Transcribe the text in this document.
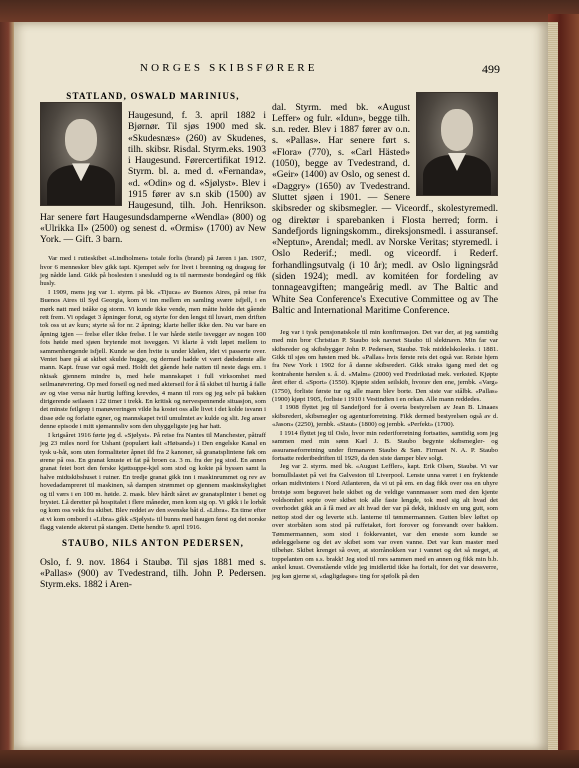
NORGES SKIBSFØRERE	499
STATLAND, OSWALD MARINIUS,

Haugesund, f. 3. april 1882 i Bjørnør. Til sjøs 1900 med sk. «Skudesnæs» (260) av Skudenes, tilh. skibsr. Risdal. Styrm.eks. 1903 i Haugesund. Førercertifikat 1912. Styrm. bl. a. med d. «Fernanda», «d. «Odin» og d. «Sjølyst». Blev i 1915 fører av s.n skib (1500) av Haugesund, tilh. Joh. Henrikson. Har senere ført Haugesundsdamperne «Wendla» (800) og «Ulrikka II» (2500) og senest d. «Ormis» (1700) av New York. — Gift. 3 barn.

Var med i rutieskibet «Lindholmen» totale forlis (brand) på Jæren i jan. 1907, hvor 6 mennesker blev gikk tapt. Kjempet selv for livet i brenning og dragsug før jeg nådde land. Gikk på hoslesten i snesludd og is til nærmeste bondegård og fikk husly.

I 1909, mens jeg var 1. styrm. på bk. «Tijuca» av Buenos Aires, på reise fra Buenos Aires til Syd Georgia, kom vi inn mellem en samling svære isfjell, i en mørk natt med iståke og storm. Vi kunde ikke vende, men måtte holde det gående rett frem. Vi opdaget 3 åpninger forut, og styrte for den lengst til luvart, men driften tok oss ut av kurs; styrte så for nr. 2 åpning; klarte heller ikke den. Nu var bare en åpning igjen — frelse eller ikke frelse. I le var hårde steile isvegger av nogen 100 fots høide med sjøen brytende mot isveggen. Vi klarte å vidt løpet mellem to sammenhengende isfjell. Kunde se den hvite is under klølen, idet vi passerte over. Ventet bare på at skibet skulde hugge, og dermed hadde vi vært dødsdømte alle mann. Kapt. fruse var også med. Holdt det gående hele natten til neste dags em. i nkisak gjennem mindre is, med hele mannskapet i full virksomhet med seilmanøvrering. Op med forseil og ned med akterseil for å få skibet til hurtig å falle av og vise versa når hurtig luffing krevdes, 4 mann til rors og jeg selv på bakken dirigerende seilasen i 22 timer i trekk. En kritisk og nervespennende situasjon, som det minste feilgrep i manøvreringen vilde ha kostet oss alle livet i det kolde isvann i disse øde og forlatte egner, og mannskapet tviil umulmtet av kulde og slit. Jeg anser denne episode i mitt sjømannsliv som den uhyggeligste jeg har hatt.

I krigsåret 1916 førte jeg d. «Sjølyst». På reise fra Nantes til Manchester, påtraff jeg 23 miles nord for Ushant (populært kalt «Høisand») i Den engelske Kanal en tysk u-båt, som uten formaliteter åpnet ild fra 2 kanoner, så granatsplintene føk om ørene på oss. En granat knuste et fat på broen ca. 3 m. fra der jeg stod. En annen granat feiet bort den ferske kjøttsuppe-kjel som stod og kokte på byssen samt la halve midtskibshuset i ruiner. En tredje granat gikk inn i maskinrummet og rev av hovedadampreret til maskinen, så dampen strømmet op gjennem maskinskylighet og til værs i en 100 m. høide. 2. mask. blev hårdt såret av granatsplinter i benet og brystet. Lå deretter på hospitalet i flere måneder, men kom sig op. Vi gikk i le lorbåt og kom oss vekk fra skibet. Blev reddet av den svenske båt d. «Libra». En time efter at vi kom ombord i «Libra» gikk «Sjølyst» til bunns med baugen først og det norske flagg vaiende akterut på stangen. Dette hendte 9. april 1916.

STAUBO, NILS ANTON PEDERSEN,

Oslo, f. 9. nov. 1864 i Staubø. Til sjøs 1881 med s. «Pallas» (900) av Tvedestrand, tilh. John P. Pedersen. Styrm.eks. 1882 i Aren-

dal. Styrm. med bk. «August Leffer» og fulr. «Idun», begge tilh. s.n. reder. Blev i 1887 fører av o.n. s. «Pallas». Har senere ført s. «Flora» (770), s. «Carl Hästed» (1050), begge av Tvedestrand, d. «Geir» (1400) av Oslo, og senest d. «Daggry» (1650) av Tvedestrand. Sluttet sjøen i 1901. — Senere skibsreder og skibsmegler. — Viceordf., skolestyremedl. og direktør i sparebanken i Flosta herred; form. i Sandefjords ligningskomm., direksjonsmedl. i assuransef. «Neptun», Arendal; medl. av Norske Veritas; styremedl. i Oslo Rederif.; medl. og viceordf. i Rederf. forhandlingsutvalg (i 10 år); medl. av Oslo ligningsråd (siden 1924); medl. av komitéen for fordeling av tonnageavgiften; mangeårig medl. av The Baltic and White Sea Conference's Executive Committee og av The Baltic and International Maritime Conference.

Jeg var i tysk pensjonatskole til min konfirmasjon. Det var der, at jeg samtidig med min bror Christian P. Staubo tok navnet Staubo til slektnavn. Min far var skibsreder og skibsbygger John P. Pedersen, Staubø. Tok middelskoleeks. i 1881. Gikk til sjøs om høsten med bk. «Pallas» hvis første reis det også var. Reiste hjem fra New York i 1902 for å danne skibsrederi. Gikk straks igang med det og kontrahente hørslen s. å. d. «Malm» (2000) ved Fredrikstad mek. verksted. Kjøpte året efter d. «Sport» (1550). Kjøpte siden seilskib, hvorav den ene, jernbk. «Varg» (1750), forliste første tur og alle mann blev borte. Den siste var stålbk. «Pallas» (1900) kjøpt 1905, forliste i 1910 i Vestindien i en orkan. Alle mann reddedes.

I 1908 flyttet jeg til Sandefjord for å overta bestyrelsen av Jean B. Linaaes skibsrederi, skibsmegler og agenturforretning. Fikk dermed bestyrelsen også av d. «Jason» (2250), jernbk. «Staut» (1800) og jernbk. «Perfekt» (1700).

I 1914 flyttet jeg til Oslo, hvor min rederiforretning fortsattes, samtidig som jeg sammen med min sønn Karl J. B. Staubo begynte skibsmegler- og assuranseforretning under firmanavn Staubo & Søn. Firmaet N. A. P. Staubo fortsatte rederibedriften til 1929, da den siste damper blev solgt.

Jeg var 2. styrm. med bk. «August Leffler», kapt. Erik Olsen, Staubø. Vi var bomullslastet på vei fra Galveston til Liverpool. Lenste unna været i en fryktende orkan midtvinters i Nord Atlanteren, da vi ut på em. en dag fikk over oss en uhyre brotsjø som begravet hele skibet og de veldige vannmasser som med den kjente voldsomhet sopte over skibet tok alle faste lengde, tok med sig alt hvad det overhodet gikk an å få med av alt hvad der var på dekk, inklusiv en ung gutt, som nettop stod der og leverte st.b. lanterne til tømmermannen. Gutten blev løftet op over storbåten som stod på ruffetaket, fort forover og forsvandt over bakken. Tømmermannen, som stod i fokkevantet, var den eneste som kunde se ødeleggelsene og det av skibet som var oven vanne. Det var kun master med tilbehør. Skibet krenget så over, at storrånokken var i vannet og det så meget, at toppelanten om s.s. brakk! Jeg stod til rors sammen med en annen og fikk min b.b. ankel knust. Ovenstående vilde jeg imidlertid ikke ha fortalt, for det var dessverre, jeg kan gjerne si, «dagligdagse» ting for sjøfolk på den
